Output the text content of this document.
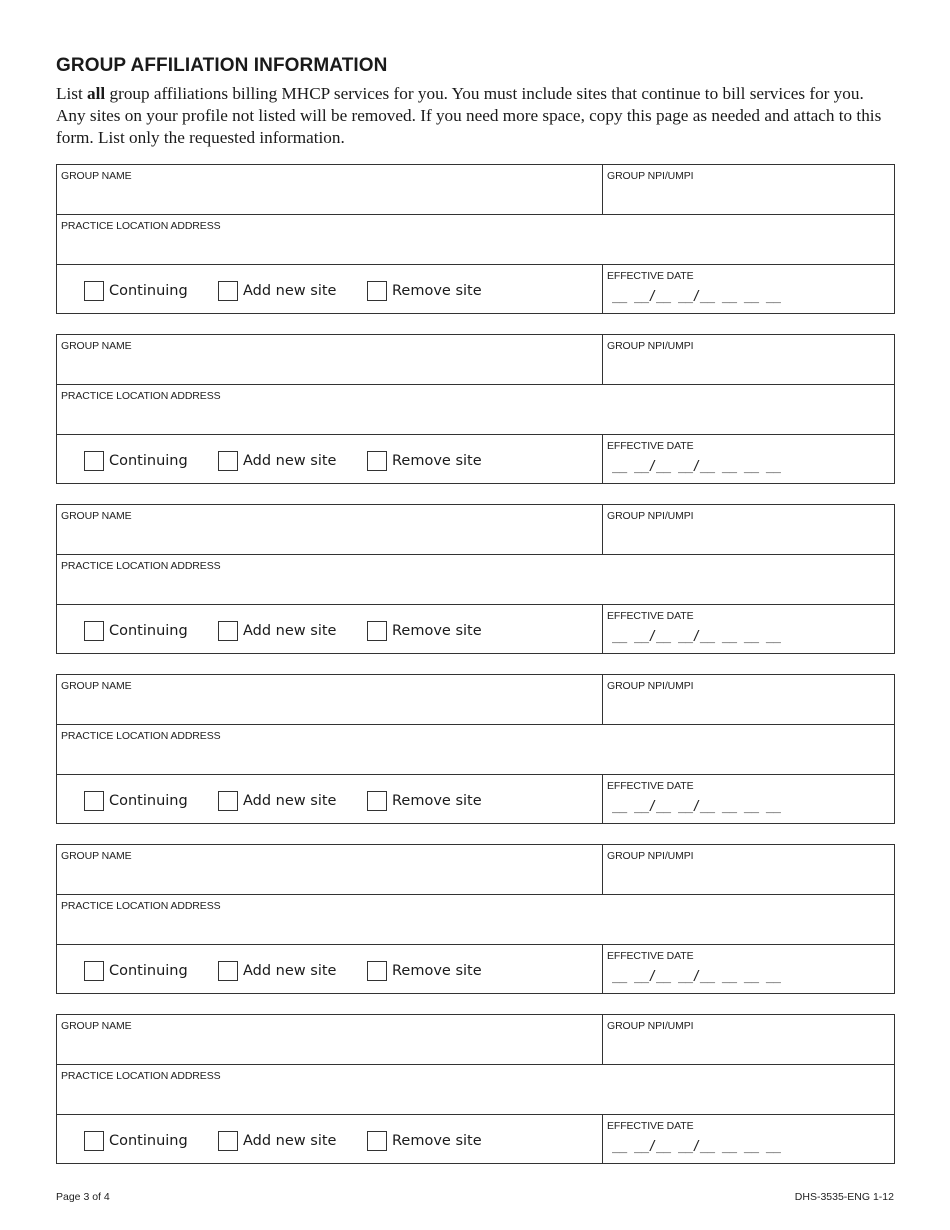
GROUP AFFILIATION INFORMATION

List all group affiliations billing MHCP services for you. You must include sites that continue to bill services for you. Any sites on your profile not listed will be removed. If you need more space, copy this page as needed and attach to this form. List only the requested information.

GROUP NAME	GROUP NPI/UMPI
PRACTICE LOCATION ADDRESS
Continuing	Add new site	Remove site
EFFECTIVE DATE
__ __/__ __/__ __ __ __
GROUP NAME	GROUP NPI/UMPI
PRACTICE LOCATION ADDRESS
Continuing	Add new site	Remove site
EFFECTIVE DATE
__ __/__ __/__ __ __ __
GROUP NAME	GROUP NPI/UMPI
PRACTICE LOCATION ADDRESS
Continuing	Add new site	Remove site
EFFECTIVE DATE
__ __/__ __/__ __ __ __
GROUP NAME	GROUP NPI/UMPI
PRACTICE LOCATION ADDRESS
Continuing	Add new site	Remove site
EFFECTIVE DATE
__ __/__ __/__ __ __ __
GROUP NAME	GROUP NPI/UMPI
PRACTICE LOCATION ADDRESS
Continuing	Add new site	Remove site
EFFECTIVE DATE
__ __/__ __/__ __ __ __
GROUP NAME	GROUP NPI/UMPI
PRACTICE LOCATION ADDRESS
Continuing	Add new site	Remove site
EFFECTIVE DATE
__ __/__ __/__ __ __ __
Page 3 of 4	DHS-3535-ENG 1-12
